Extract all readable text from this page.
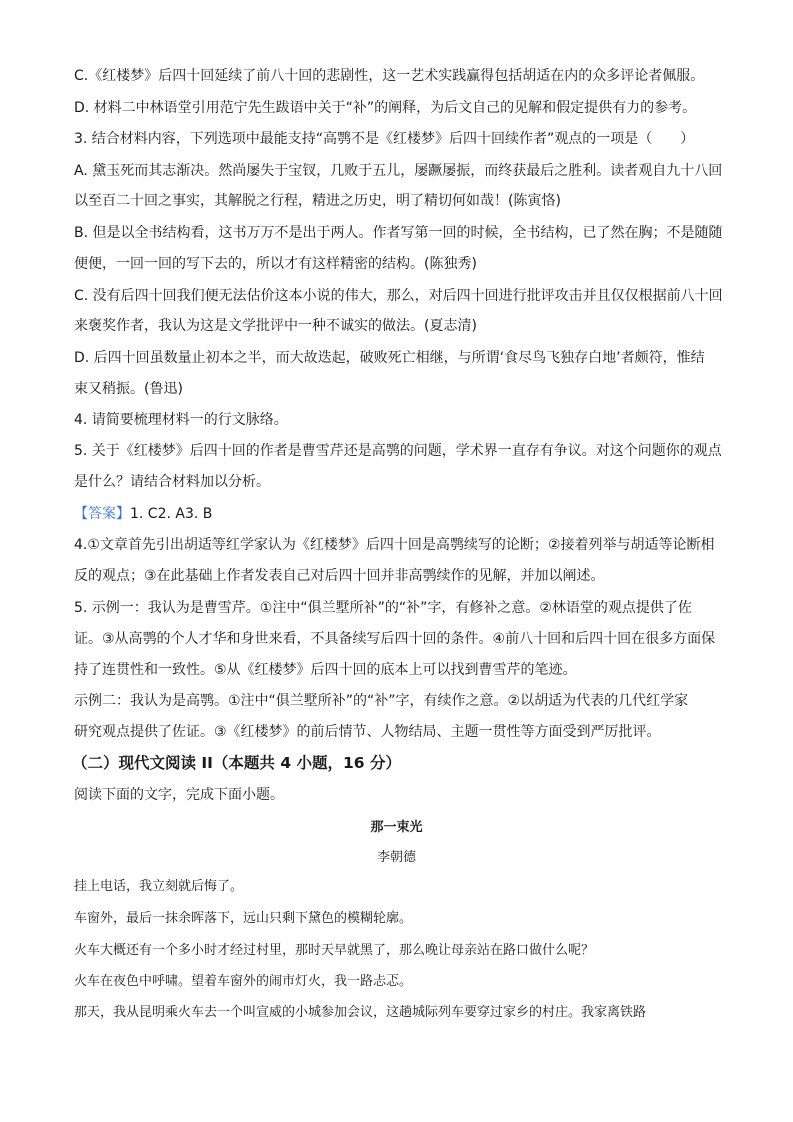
C.《红楼梦》后四十回延续了前八十回的悲剧性，这一艺术实践赢得包括胡适在内的众多评论者佩服。
D. 材料二中林语堂引用范宁先生跋语中关于“补”的阐释，为后文自己的见解和假定提供有力的参考。
3. 结合材料内容，下列选项中最能支持“高鹗不是《红楼梦》后四十回续作者”观点的一项是（　　）
A. 黛玉死而其志渐决。然尚屡失于宝钗，几败于五儿，屡蹶屡振，而终获最后之胜利。读者观自九十八回
以至百二十回之事实，其解脱之行程，精进之历史，明了精切何如哉！(陈寅恪)
B. 但是以全书结构看，这书万万不是出于两人。作者写第一回的时候，全书结构，已了然在胸；不是随随
便便，一回一回的写下去的，所以才有这样精密的结构。(陈独秀)
C. 没有后四十回我们便无法估价这本小说的伟大，那么，对后四十回进行批评攻击并且仅仅根据前八十回
来褒奖作者，我认为这是文学批评中一种不诚实的做法。(夏志清)
D. 后四十回虽数量止初本之半，而大故迭起，破败死亡相继，与所谓‘食尽鸟飞独存白地’者颇符，惟结
束又稍振。(鲁迅)
4. 请简要梳理材料一的行文脉络。
5. 关于《红楼梦》后四十回的作者是曹雪芹还是高鹗的问题，学术界一直存有争议。对这个问题你的观点
是什么？请结合材料加以分析。
【答案】1. C2. A3. B
4.①文章首先引出胡适等红学家认为《红楼梦》后四十回是高鹗续写的论断；②接着列举与胡适等论断相
反的观点；③在此基础上作者发表自己对后四十回并非高鹗续作的见解，并加以阐述。
5. 示例一：我认为是曹雪芹。①注中“俱兰墅所补”的“补”字，有修补之意。②林语堂的观点提供了佐
证。③从高鹗的个人才华和身世来看，不具备续写后四十回的条件。④前八十回和后四十回在很多方面保
持了连贯性和一致性。⑤从《红楼梦》后四十回的底本上可以找到曹雪芹的笔迹。
示例二：我认为是高鹗。①注中“俱兰墅所补”的“补”字，有续作之意。②以胡适为代表的几代红学家
研究观点提供了佐证。③《红楼梦》的前后情节、人物结局、主题一贯性等方面受到严厉批评。
（二）现代文阅读 II（本题共 4 小题，16 分）
阅读下面的文字，完成下面小题。
那一束光
李朝德
挂上电话，我立刻就后悔了。
车窗外，最后一抹余晖落下，远山只剩下黛色的模糊轮廓。
火车大概还有一个多小时才经过村里，那时天早就黑了，那么晚让母亲站在路口做什么呢？
火车在夜色中呼啸。望着车窗外的闹市灯火，我一路忐忑。
那天，我从昆明乘火车去一个叫宣威的小城参加会议，这趟城际列车要穿过家乡的村庄。我家离铁路
